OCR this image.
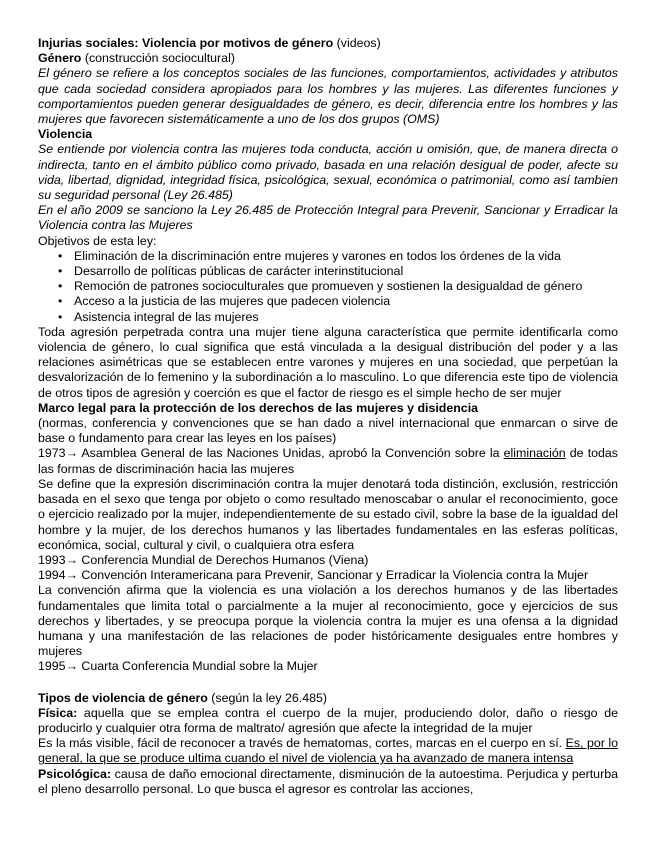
Injurias sociales: Violencia por motivos de género (videos)
Género (construcción sociocultural)
El género se refiere a los conceptos sociales de las funciones, comportamientos, actividades y atributos que cada sociedad considera apropiados para los hombres y las mujeres. Las diferentes funciones y comportamientos pueden generar desigualdades de género, es decir, diferencia entre los hombres y las mujeres que favorecen sistemáticamente a uno de los dos grupos (OMS)
Violencia
Se entiende por violencia contra las mujeres toda conducta, acción u omisión, que, de manera directa o indirecta, tanto en el ámbito público como privado, basada en una relación desigual de poder, afecte su vida, libertad, dignidad, integridad física, psicológica, sexual, económica o patrimonial, como así tambien su seguridad personal (Ley 26.485)
En el año 2009 se sanciono la Ley 26.485 de Protección Integral para Prevenir, Sancionar y Erradicar la Violencia contra las Mujeres
Objetivos de esta ley:
• Eliminación de la discriminación entre mujeres y varones en todos los órdenes de la vida
• Desarrollo de políticas públicas de carácter interinstitucional
• Remoción de patrones socioculturales que promueven y sostienen la desigualdad de género
• Acceso a la justicia de las mujeres que padecen violencia
• Asistencia integral de las mujeres
Toda agresión perpetrada contra una mujer tiene alguna característica que permite identificarla como violencia de género, lo cual significa que está vinculada a la desigual distribución del poder y a las relaciones asimétricas que se establecen entre varones y mujeres en una sociedad, que perpetúan la desvalorización de lo femenino y la subordinación a lo masculino. Lo que diferencia este tipo de violencia de otros tipos de agresión y coerción es que el factor de riesgo es el simple hecho de ser mujer
Marco legal para la protección de los derechos de las mujeres y disidencia
(normas, conferencia y convenciones que se han dado a nivel internacional que enmarcan o sirve de base o fundamento para crear las leyes en los países)
1973→ Asamblea General de las Naciones Unidas, aprobó la Convención sobre la eliminación de todas las formas de discriminación hacia las mujeres
Se define que la expresión discriminación contra la mujer denotará toda distinción, exclusión, restricción basada en el sexo que tenga por objeto o como resultado menoscabar o anular el reconocimiento, goce o ejercicio realizado por la mujer, independientemente de su estado civil, sobre la base de la igualdad del hombre y la mujer, de los derechos humanos y las libertades fundamentales en las esferas políticas, económica, social, cultural y civil, o cualquiera otra esfera
1993→ Conferencia Mundial de Derechos Humanos (Viena)
1994→ Convención Interamericana para Prevenir, Sancionar y Erradicar la Violencia contra la Mujer
La convención afirma que la violencia es una violación a los derechos humanos y de las libertades fundamentales que limita total o parcialmente a la mujer al reconocimiento, goce y ejercicios de sus derechos y libertades, y se preocupa porque la violencia contra la mujer es una ofensa a la dignidad humana y una manifestación de las relaciones de poder históricamente desiguales entre hombres y mujeres
1995→ Cuarta Conferencia Mundial sobre la Mujer
Tipos de violencia de género (según la ley 26.485)
Física: aquella que se emplea contra el cuerpo de la mujer, produciendo dolor, daño o riesgo de producirlo y cualquier otra forma de maltrato/ agresión que afecte la integridad de la mujer
Es la más visible, fácil de reconocer a través de hematomas, cortes, marcas en el cuerpo en sí. Es, por lo general, la que se produce ultima cuando el nivel de violencia ya ha avanzado de manera intensa
Psicológica: causa de daño emocional directamente, disminución de la autoestima. Perjudica y perturba el pleno desarrollo personal. Lo que busca el agresor es controlar las acciones,
